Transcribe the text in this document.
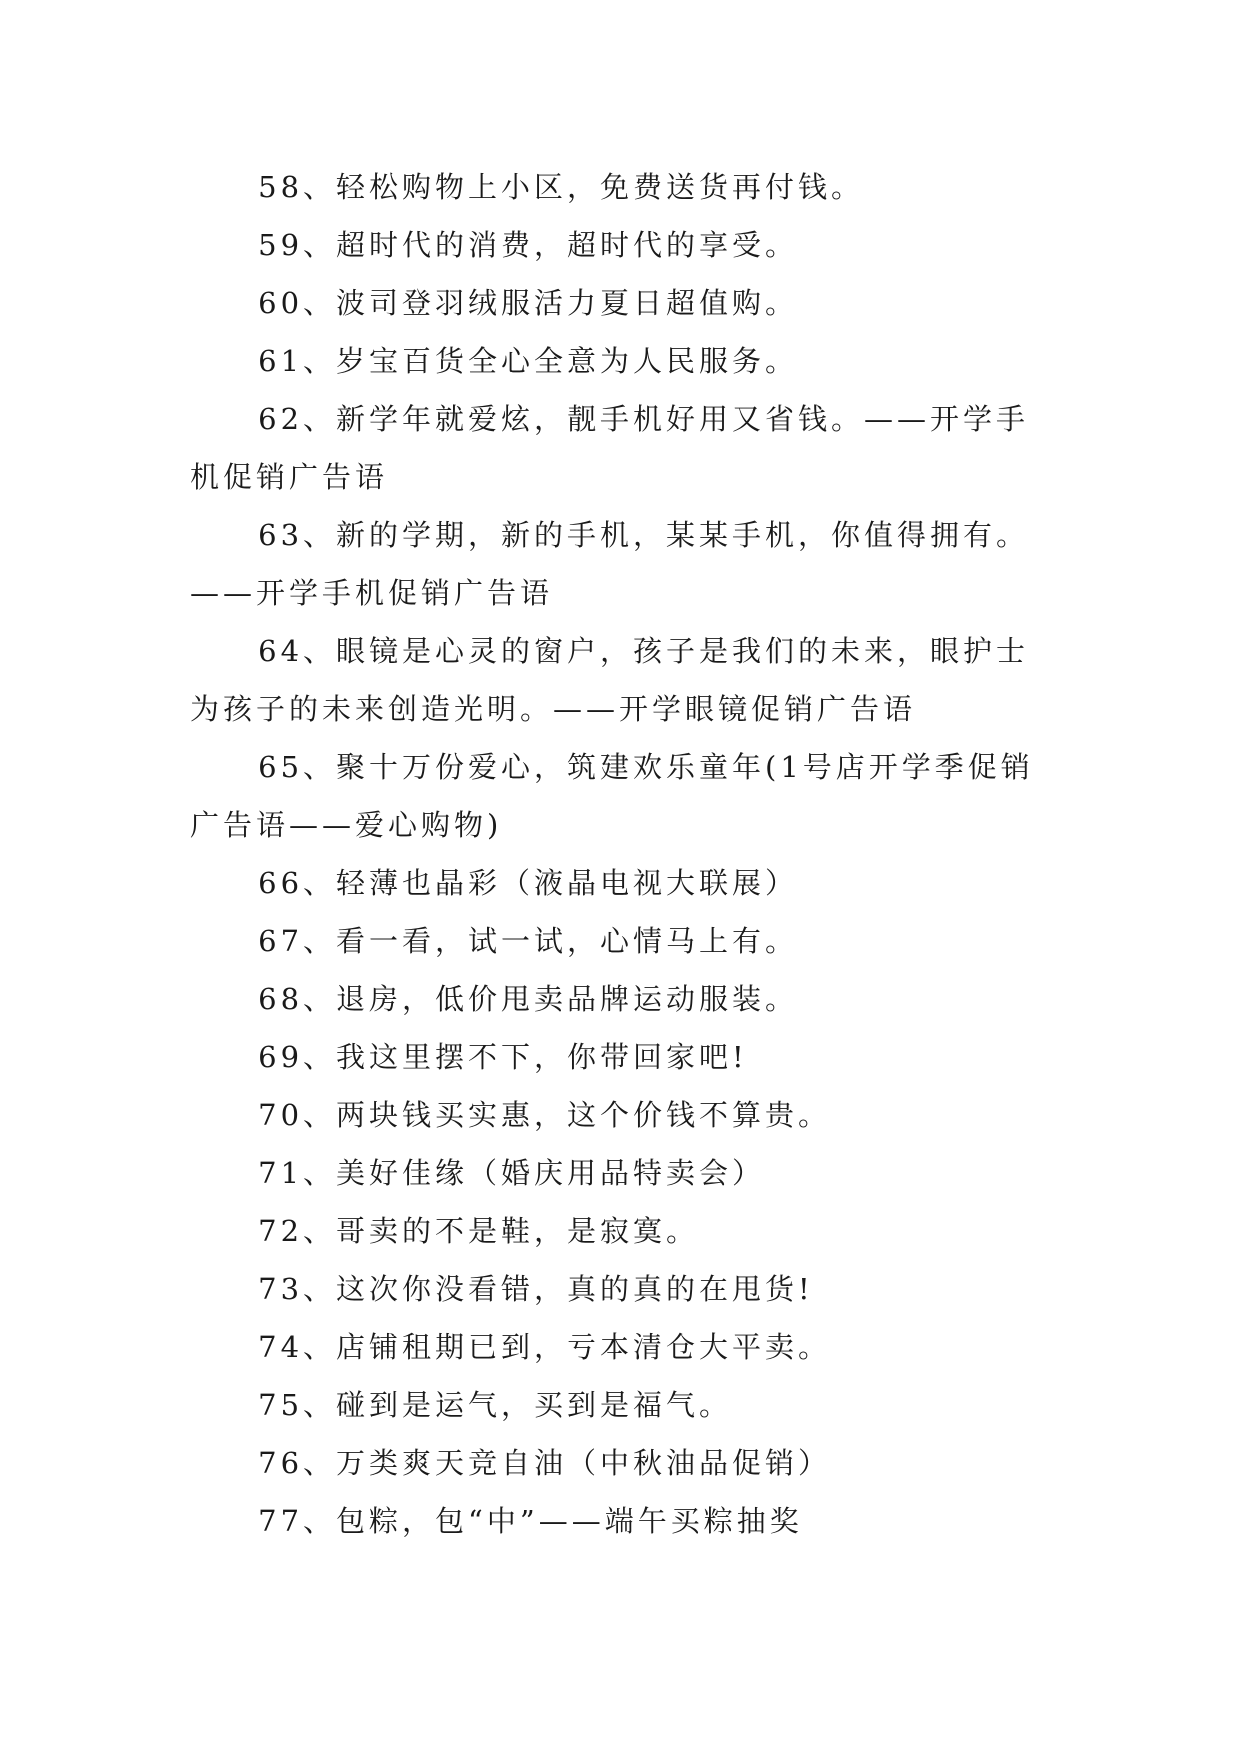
58、轻松购物上小区，免费送货再付钱。

59、超时代的消费，超时代的享受。

60、波司登羽绒服活力夏日超值购。

61、岁宝百货全心全意为人民服务。

62、新学年就爱炫，靓手机好用又省钱。——开学手机促销广告语

63、新的学期，新的手机，某某手机，你值得拥有。——开学手机促销广告语

64、眼镜是心灵的窗户，孩子是我们的未来，眼护士为孩子的未来创造光明。——开学眼镜促销广告语

65、聚十万份爱心，筑建欢乐童年(1号店开学季促销广告语——爱心购物)

66、轻薄也晶彩（液晶电视大联展）

67、看一看，试一试，心情马上有。

68、退房，低价甩卖品牌运动服装。

69、我这里摆不下，你带回家吧!

70、两块钱买实惠，这个价钱不算贵。

71、美好佳缘（婚庆用品特卖会）

72、哥卖的不是鞋，是寂寞。

73、这次你没看错，真的真的在甩货!

74、店铺租期已到，亏本清仓大平卖。

75、碰到是运气，买到是福气。

76、万类爽天竞自油（中秋油品促销）

77、包粽，包“中”——端午买粽抽奖
